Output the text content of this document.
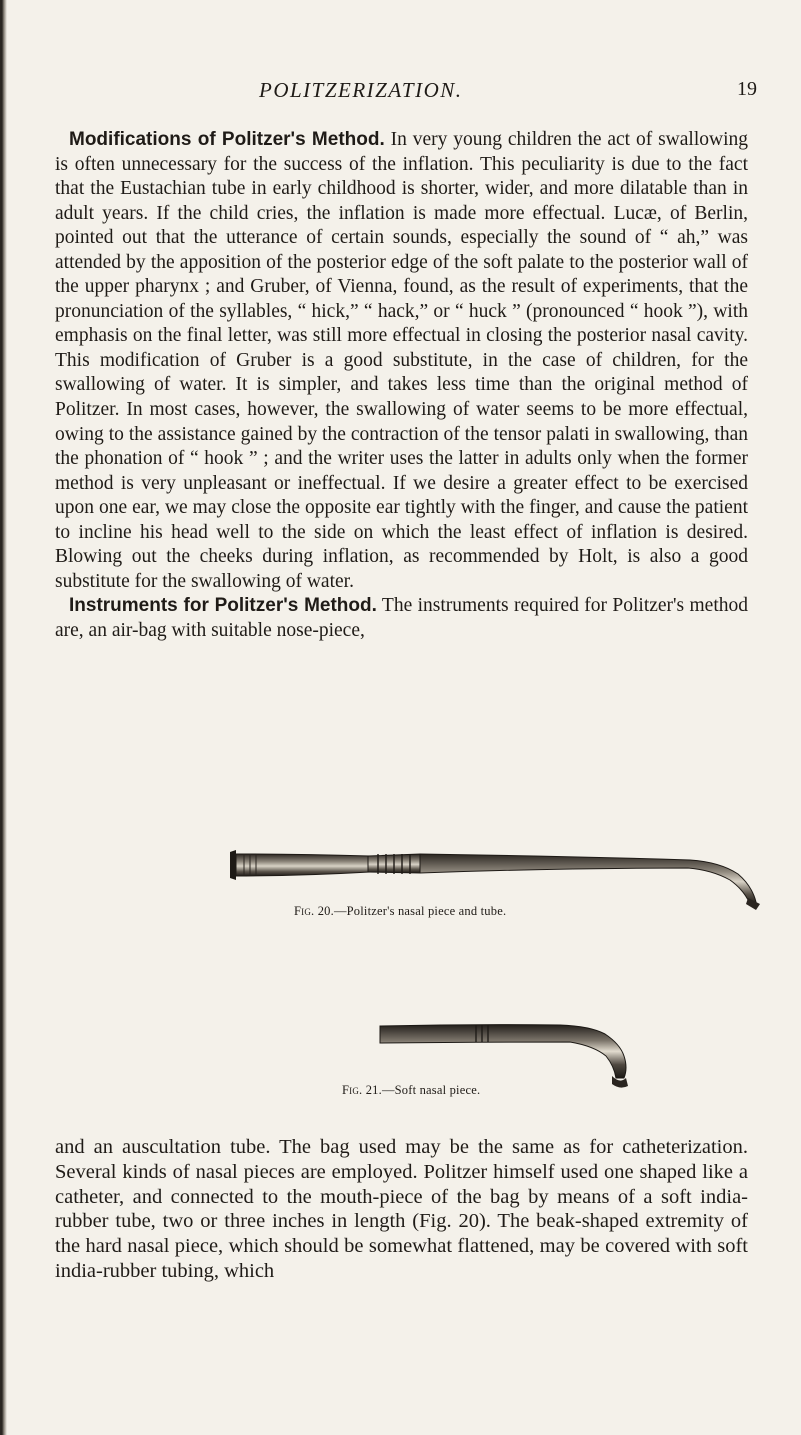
POLITZERIZATION.	19

Modifications of Politzer's Method. In very young children the act of swallowing is often unnecessary for the success of the inflation. This peculiarity is due to the fact that the Eustachian tube in early childhood is shorter, wider, and more dilatable than in adult years. If the child cries, the inflation is made more effectual. Lucæ, of Berlin, pointed out that the utterance of certain sounds, especially the sound of “ ah,” was attended by the apposition of the posterior edge of the soft palate to the posterior wall of the upper pharynx ; and Gruber, of Vienna, found, as the result of experiments, that the pronunciation of the syllables, “ hick,” “ hack,” or “ huck ” (pronounced “ hook ”), with emphasis on the final letter, was still more effectual in closing the posterior nasal cavity. This modification of Gruber is a good substitute, in the case of children, for the swallowing of water. It is simpler, and takes less time than the original method of Politzer. In most cases, however, the swallowing of water seems to be more effectual, owing to the assistance gained by the contraction of the tensor palati in swallowing, than the phonation of “ hook ” ; and the writer uses the latter in adults only when the former method is very unpleasant or ineffectual. If we desire a greater effect to be exercised upon one ear, we may close the opposite ear tightly with the finger, and cause the patient to incline his head well to the side on which the least effect of inflation is desired. Blowing out the cheeks during inflation, as recommended by Holt, is also a good substitute for the swallowing of water.

Instruments for Politzer's Method. The instruments required for Politzer's method are, an air-bag with suitable nose-piece,

Fig. 20.—Politzer's nasal piece and tube.
Fig. 21.—Soft nasal piece.

and an auscultation tube. The bag used may be the same as for catheterization. Several kinds of nasal pieces are employed. Politzer himself used one shaped like a catheter, and connected to the mouth-piece of the bag by means of a soft india-rubber tube, two or three inches in length (Fig. 20). The beak-shaped extremity of the hard nasal piece, which should be somewhat flattened, may be covered with soft india-rubber tubing, which
